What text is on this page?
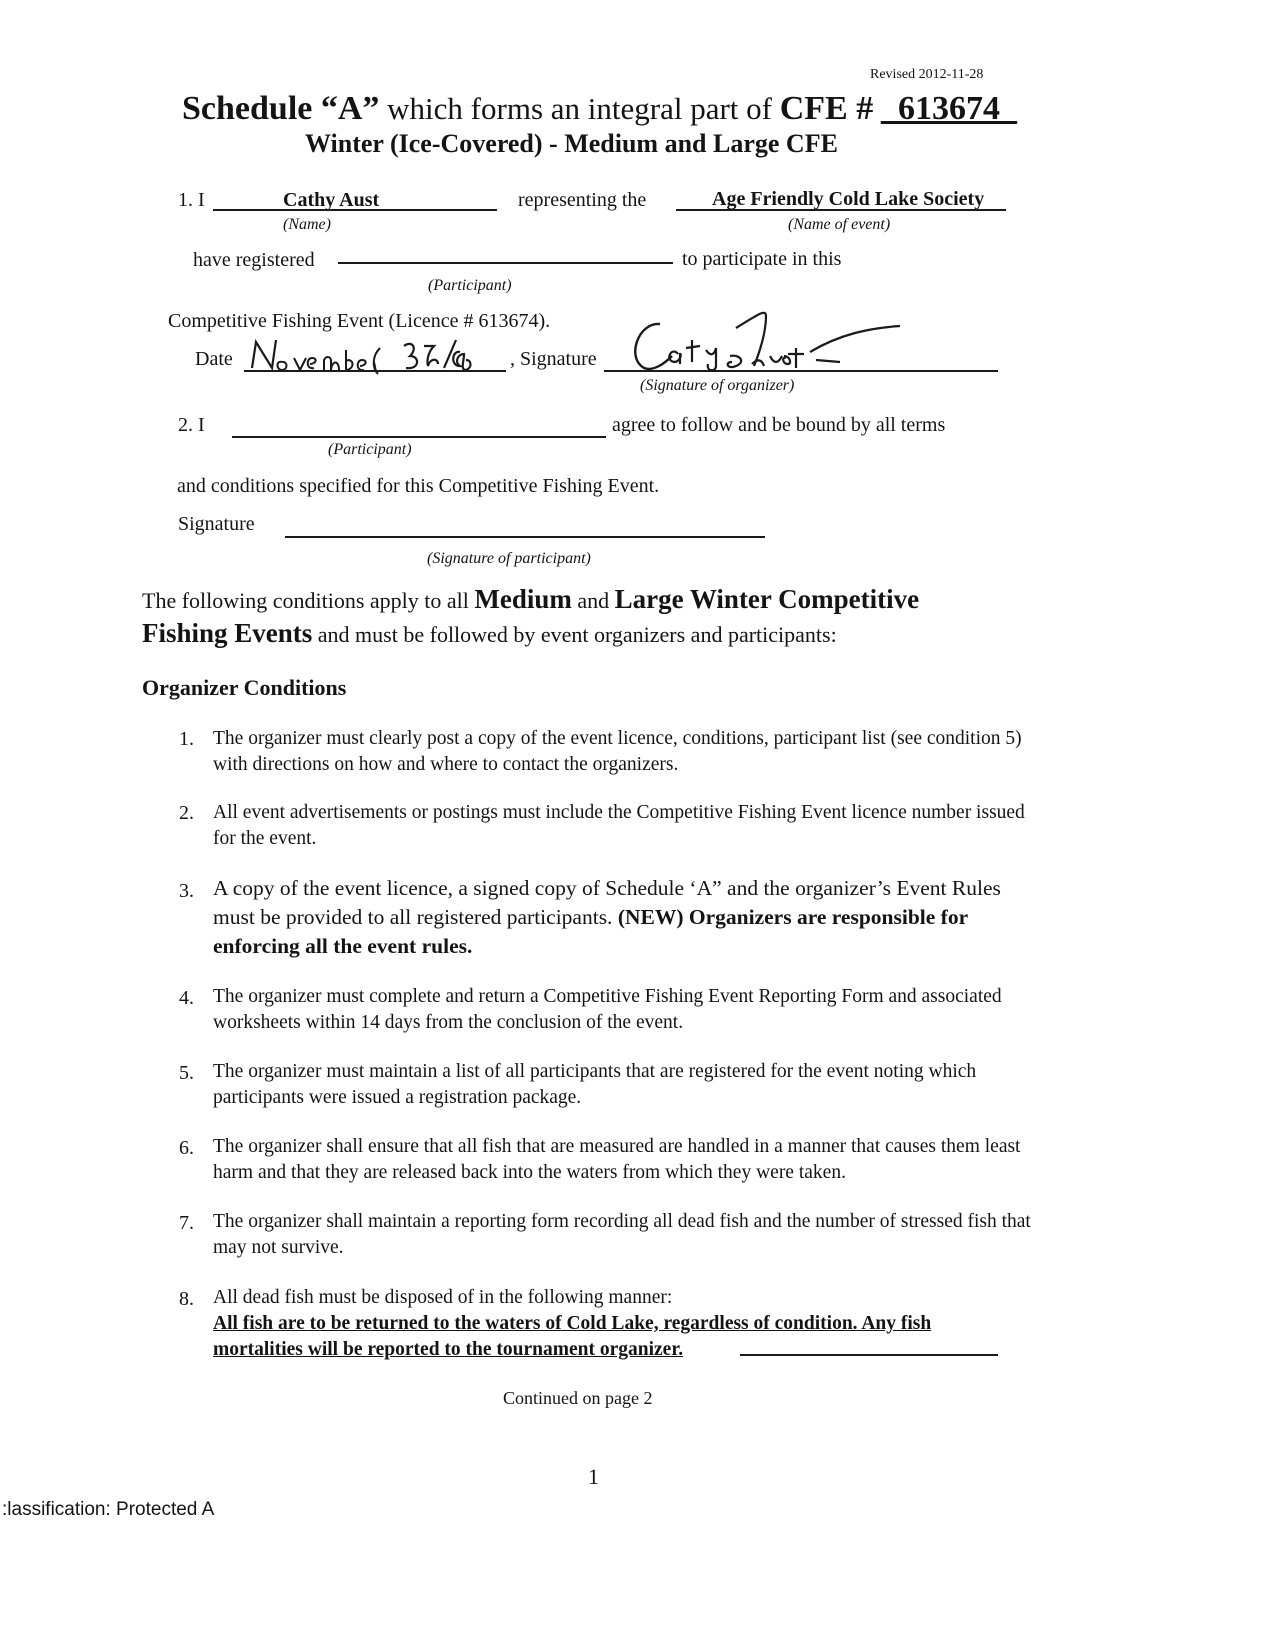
Revised 2012-11-28
Schedule “A” which forms an integral part of CFE # _613674_
Winter (Ice-Covered) - Medium and Large CFE
1. I	Cathy Aust
(Name)
representing the	Age Friendly Cold Lake Society
(Name of event)
have registered	to participate in this
(Participant)
Competitive Fishing Event (Licence # 613674).
Date	, Signature
(Signature of organizer)
2. I	agree to follow and be bound by all terms
(Participant)
and conditions specified for this Competitive Fishing Event.
Signature
(Signature of participant)
The following conditions apply to all Medium and Large Winter Competitive Fishing Events and must be followed by event organizers and participants:
Organizer Conditions
1. The organizer must clearly post a copy of the event licence, conditions, participant list (see condition 5) with directions on how and where to contact the organizers.
2. All event advertisements or postings must include the Competitive Fishing Event licence number issued for the event.
3. A copy of the event licence, a signed copy of Schedule ‘A” and the organizer’s Event Rules must be provided to all registered participants. (NEW) Organizers are responsible for enforcing all the event rules.
4. The organizer must complete and return a Competitive Fishing Event Reporting Form and associated worksheets within 14 days from the conclusion of the event.
5. The organizer must maintain a list of all participants that are registered for the event noting which participants were issued a registration package.
6. The organizer shall ensure that all fish that are measured are handled in a manner that causes them least harm and that they are released back into the waters from which they were taken.
7. The organizer shall maintain a reporting form recording all dead fish and the number of stressed fish that may not survive.
8. All dead fish must be disposed of in the following manner:
All fish are to be returned to the waters of Cold Lake, regardless of condition. Any fish mortalities will be reported to the tournament organizer.
Continued on page 2
1
:lassification: Protected A
